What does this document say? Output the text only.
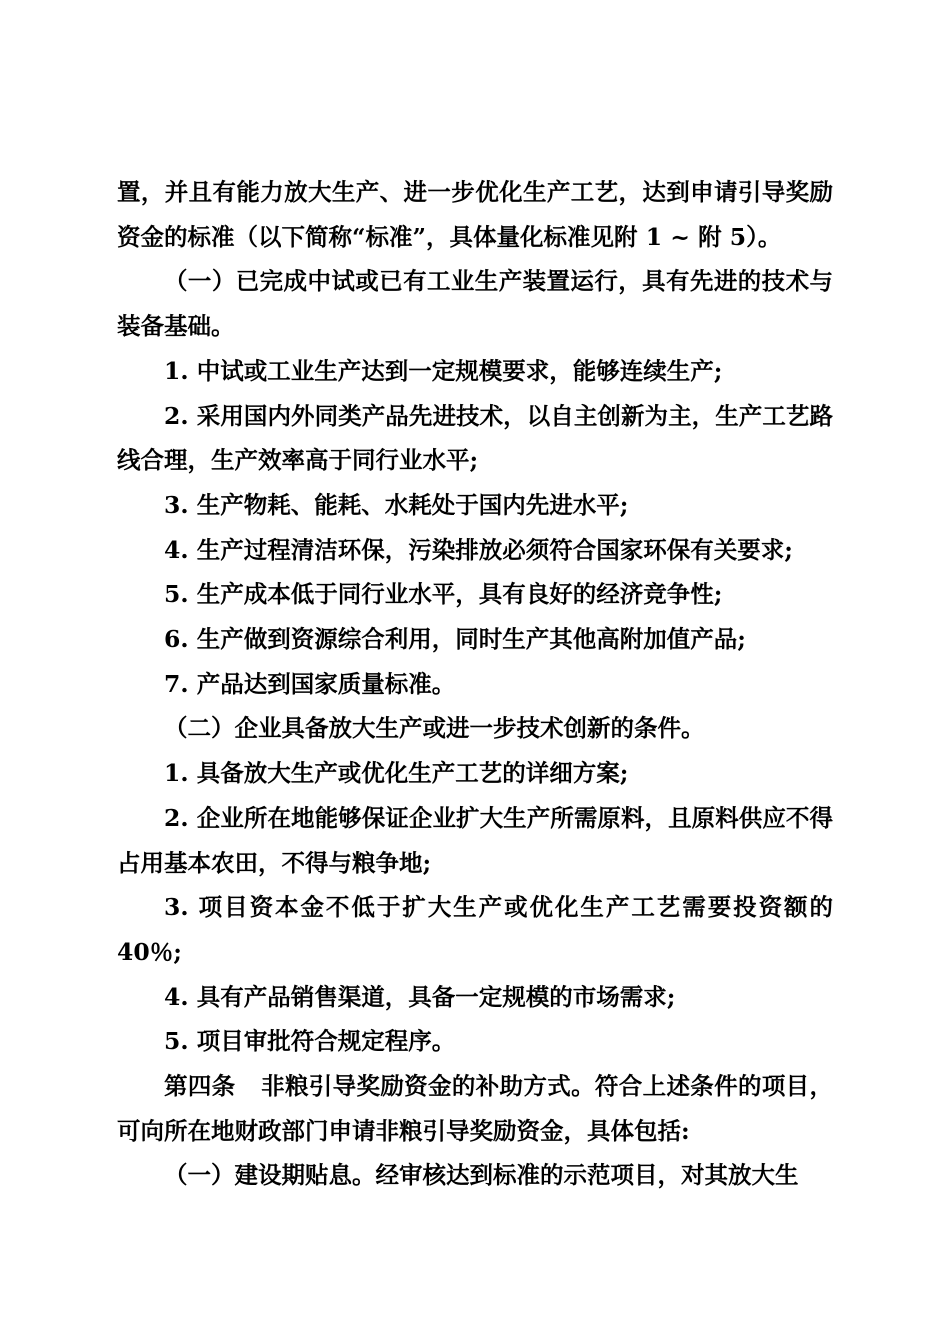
置，并且有能力放大生产、进一步优化生产工艺，达到申请引导奖励资金的标准（以下简称“标准”，具体量化标准见附 1 ~ 附 5）。

（一）已完成中试或已有工业生产装置运行，具有先进的技术与装备基础。

1. 中试或工业生产达到一定规模要求，能够连续生产;

2. 采用国内外同类产品先进技术，以自主创新为主，生产工艺路线合理，生产效率高于同行业水平;

3. 生产物耗、能耗、水耗处于国内先进水平;

4. 生产过程清洁环保，污染排放必须符合国家环保有关要求;

5. 生产成本低于同行业水平，具有良好的经济竞争性;

6. 生产做到资源综合利用，同时生产其他高附加值产品;

7. 产品达到国家质量标准。

（二）企业具备放大生产或进一步技术创新的条件。

1. 具备放大生产或优化生产工艺的详细方案;

2. 企业所在地能够保证企业扩大生产所需原料，且原料供应不得占用基本农田，不得与粮争地;

3. 项目资本金不低于扩大生产或优化生产工艺需要投资额的 40％;

4. 具有产品销售渠道，具备一定规模的市场需求;

5. 项目审批符合规定程序。

第四条 非粮引导奖励资金的补助方式。符合上述条件的项目，可向所在地财政部门申请非粮引导奖励资金，具体包括:

（一）建设期贴息。经审核达到标准的示范项目，对其放大生
